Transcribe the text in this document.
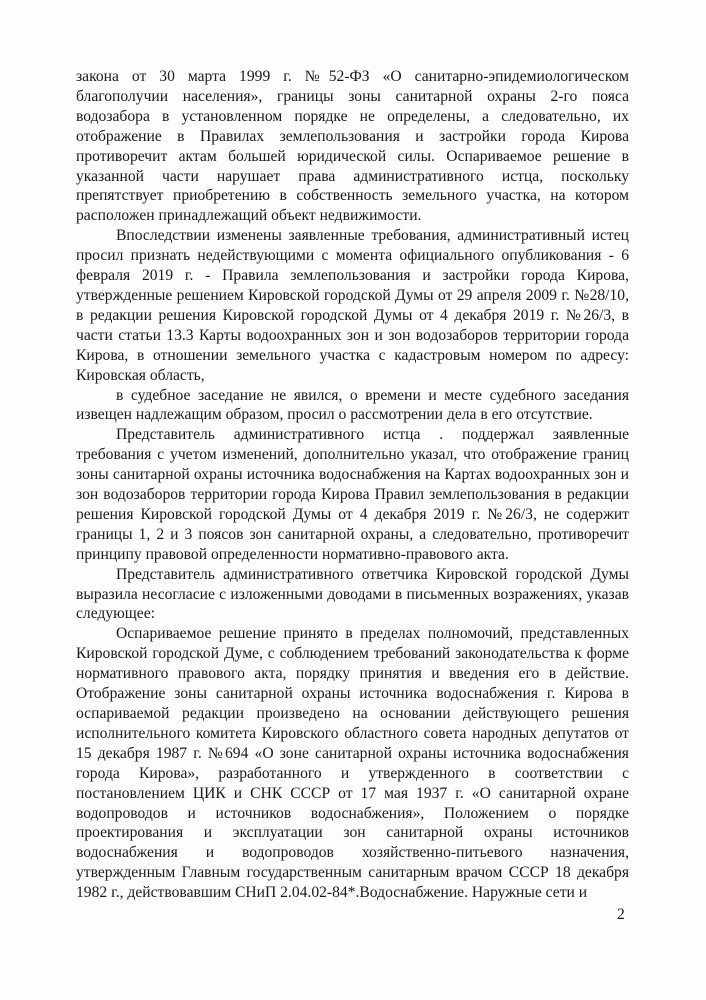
закона от 30 марта 1999 г. №52-ФЗ «О санитарно-эпидемиологическом благополучии населения», границы зоны санитарной охраны 2-го пояса водозабора в установленном порядке не определены, а следовательно, их отображение в Правилах землепользования и застройки города Кирова противоречит актам большей юридической силы. Оспариваемое решение в указанной части нарушает права административного истца, поскольку препятствует приобретению в собственность земельного участка, на котором расположен принадлежащий объект недвижимости.

Впоследствии изменены заявленные требования, административный истец просил признать недействующими с момента официального опубликования - 6 февраля 2019 г. - Правила землепользования и застройки города Кирова, утвержденные решением Кировской городской Думы от 29 апреля 2009 г. №28/10, в редакции решения Кировской городской Думы от 4 декабря 2019 г. №26/3, в части статьи 13.3 Карты водоохранных зон и зон водозаборов территории города Кирова, в отношении земельного участка с кадастровым номером по адресу: Кировская область,

в судебное заседание не явился, о времени и месте судебного заседания извещен надлежащим образом, просил о рассмотрении дела в его отсутствие.

Представитель административного истца . поддержал заявленные требования с учетом изменений, дополнительно указал, что отображение границ зоны санитарной охраны источника водоснабжения на Картах водоохранных зон и зон водозаборов территории города Кирова Правил землепользования в редакции решения Кировской городской Думы от 4 декабря 2019 г. №26/3, не содержит границы 1, 2 и 3 поясов зон санитарной охраны, а следовательно, противоречит принципу правовой определенности нормативно-правового акта.

Представитель административного ответчика Кировской городской Думы выразила несогласие с изложенными доводами в письменных возражениях, указав следующее:

Оспариваемое решение принято в пределах полномочий, представленных Кировской городской Думе, с соблюдением требований законодательства к форме нормативного правового акта, порядку принятия и введения его в действие. Отображение зоны санитарной охраны источника водоснабжения г. Кирова в оспариваемой редакции произведено на основании действующего решения исполнительного комитета Кировского областного совета народных депутатов от 15 декабря 1987 г. №694 «О зоне санитарной охраны источника водоснабжения города Кирова», разработанного и утвержденного в соответствии с постановлением ЦИК и СНК СССР от 17 мая 1937 г. «О санитарной охране водопроводов и источников водоснабжения», Положением о порядке проектирования и эксплуатации зон санитарной охраны источников водоснабжения и водопроводов хозяйственно-питьевого назначения, утвержденным Главным государственным санитарным врачом СССР 18 декабря 1982 г., действовавшим СНиП 2.04.02-84*.Водоснабжение. Наружные сети и

2
